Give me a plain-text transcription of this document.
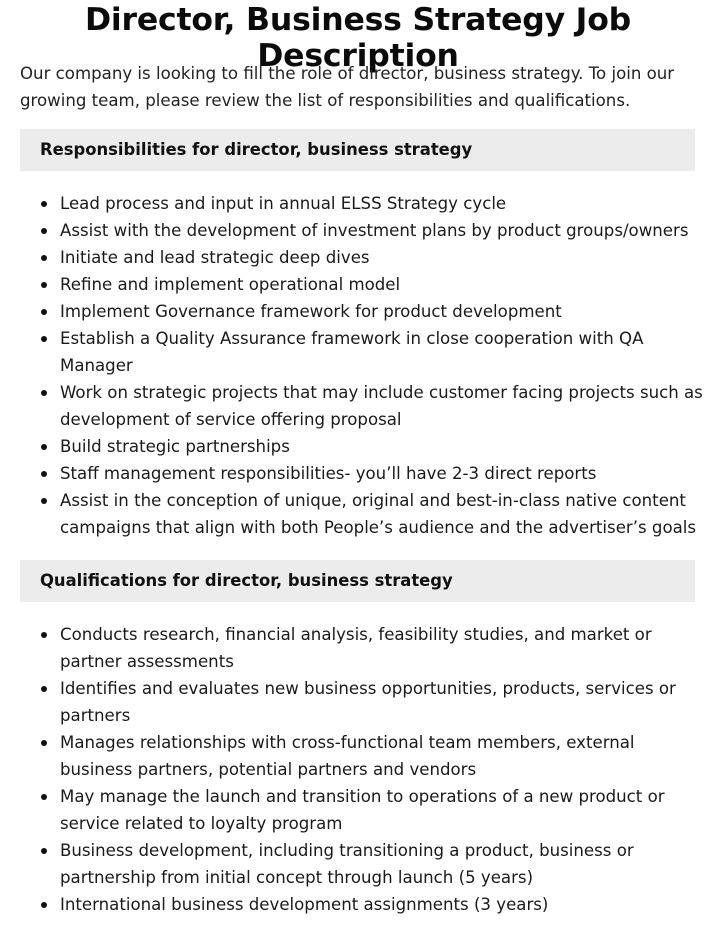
Director, Business Strategy Job Description

Our company is looking to fill the role of director, business strategy. To join our growing team, please review the list of responsibilities and qualifications.

Responsibilities for director, business strategy
Lead process and input in annual ELSS Strategy cycle
Assist with the development of investment plans by product groups/owners
Initiate and lead strategic deep dives
Refine and implement operational model
Implement Governance framework for product development
Establish a Quality Assurance framework in close cooperation with QA Manager
Work on strategic projects that may include customer facing projects such as development of service offering proposal
Build strategic partnerships
Staff management responsibilities- you’ll have 2-3 direct reports
Assist in the conception of unique, original and best-in-class native content campaigns that align with both People’s audience and the advertiser’s goals
Qualifications for director, business strategy
Conducts research, financial analysis, feasibility studies, and market or partner assessments
Identifies and evaluates new business opportunities, products, services or partners
Manages relationships with cross-functional team members, external business partners, potential partners and vendors
May manage the launch and transition to operations of a new product or service related to loyalty program
Business development, including transitioning a product, business or partnership from initial concept through launch (5 years)
International business development assignments (3 years)
